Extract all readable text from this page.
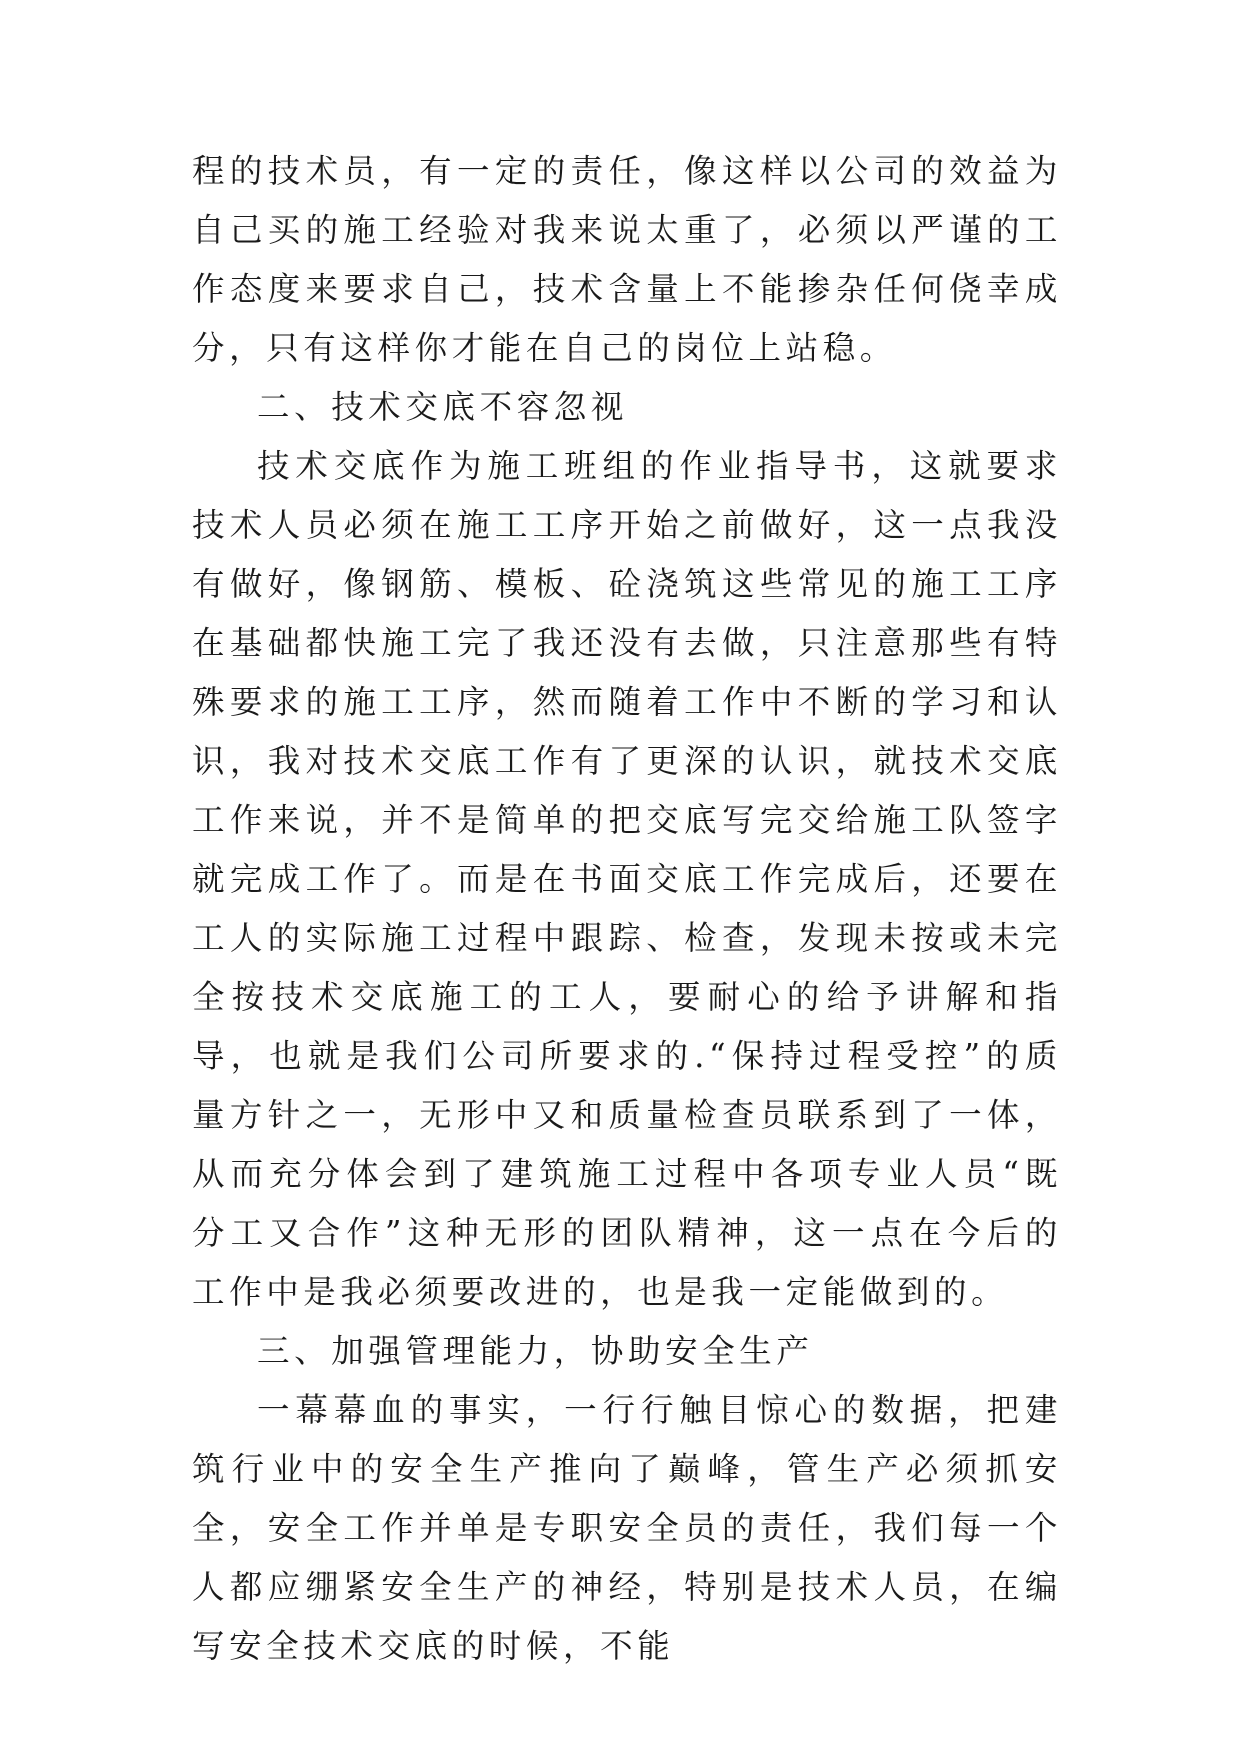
程的技术员，有一定的责任，像这样以公司的效益为自己买的施工经验对我来说太重了，必须以严谨的工作态度来要求自己，技术含量上不能掺杂任何侥幸成分，只有这样你才能在自己的岗位上站稳。

二、技术交底不容忽视

技术交底作为施工班组的作业指导书，这就要求技术人员必须在施工工序开始之前做好，这一点我没有做好，像钢筋、模板、砼浇筑这些常见的施工工序在基础都快施工完了我还没有去做，只注意那些有特殊要求的施工工序，然而随着工作中不断的学习和认识，我对技术交底工作有了更深的认识，就技术交底工作来说，并不是简单的把交底写完交给施工队签字就完成工作了。而是在书面交底工作完成后，还要在工人的实际施工过程中跟踪、检查，发现未按或未完全按技术交底施工的工人，要耐心的给予讲解和指导，也就是我们公司所要求的.“保持过程受控”的质量方针之一，无形中又和质量检查员联系到了一体，从而充分体会到了建筑施工过程中各项专业人员“既分工又合作”这种无形的团队精神，这一点在今后的工作中是我必须要改进的，也是我一定能做到的。

三、加强管理能力，协助安全生产

一幕幕血的事实，一行行触目惊心的数据，把建筑行业中的安全生产推向了巅峰，管生产必须抓安全，安全工作并单是专职安全员的责任，我们每一个人都应绷紧安全生产的神经，特别是技术人员，在编写安全技术交底的时候，不能
